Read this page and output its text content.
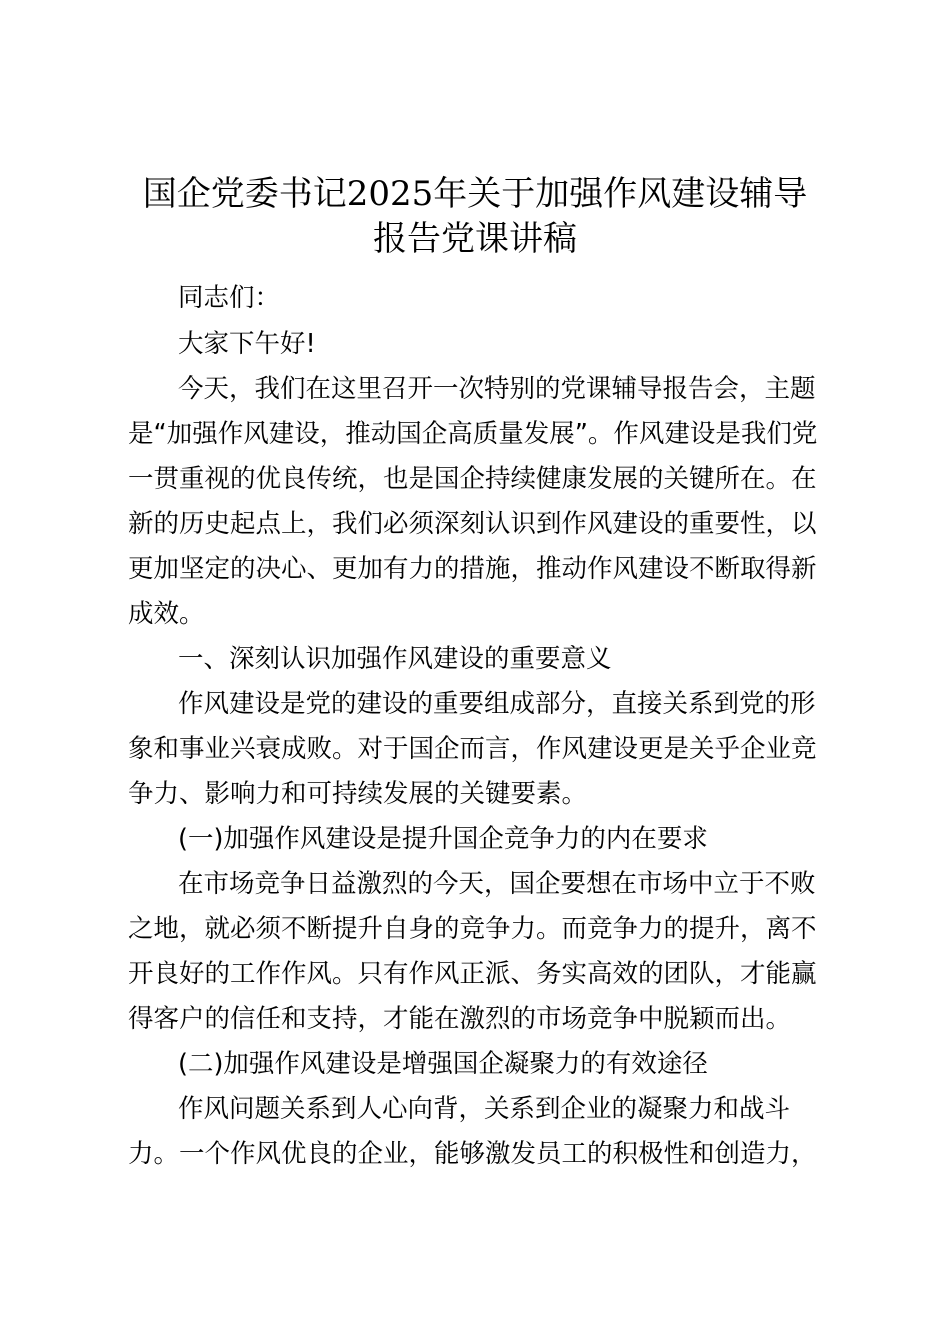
国企党委书记2025年关于加强作风建设辅导
报告党课讲稿
同志们：
大家下午好!
今天，我们在这里召开一次特别的党课辅导报告会，主题
是“加强作风建设，推动国企高质量发展”。作风建设是我们党
一贯重视的优良传统，也是国企持续健康发展的关键所在。在
新的历史起点上，我们必须深刻认识到作风建设的重要性，以
更加坚定的决心、更加有力的措施，推动作风建设不断取得新
成效。
一、深刻认识加强作风建设的重要意义
作风建设是党的建设的重要组成部分，直接关系到党的形
象和事业兴衰成败。对于国企而言，作风建设更是关乎企业竞
争力、影响力和可持续发展的关键要素。
(一)加强作风建设是提升国企竞争力的内在要求
在市场竞争日益激烈的今天，国企要想在市场中立于不败
之地，就必须不断提升自身的竞争力。而竞争力的提升，离不
开良好的工作作风。只有作风正派、务实高效的团队，才能赢
得客户的信任和支持，才能在激烈的市场竞争中脱颖而出。
(二)加强作风建设是增强国企凝聚力的有效途径
作风问题关系到人心向背，关系到企业的凝聚力和战斗
力。一个作风优良的企业，能够激发员工的积极性和创造力，
